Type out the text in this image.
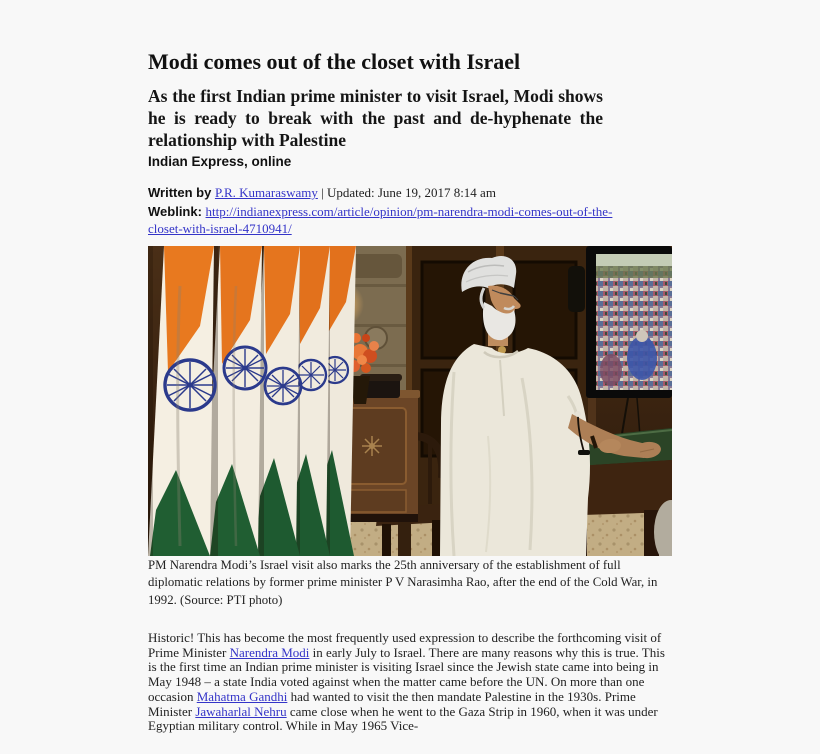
Modi comes out of the closet with Israel
As the first Indian prime minister to visit Israel, Modi shows he is ready to break with the past and de-hyphenate the relationship with Palestine
Indian Express, online
Written by P.R. Kumaraswamy | Updated: June 19, 2017 8:14 am
Weblink: http://indianexpress.com/article/opinion/pm-narendra-modi-comes-out-of-the-closet-with-israel-4710941/
PM Narendra Modi’s Israel visit also marks the 25th anniversary of the establishment of full diplomatic relations by former prime minister P V Narasimha Rao, after the end of the Cold War, in 1992. (Source: PTI photo)

Historic! This has become the most frequently used expression to describe the forthcoming visit of Prime Minister Narendra Modi in early July to Israel. There are many reasons why this is true. This is the first time an Indian prime minister is visiting Israel since the Jewish state came into being in May 1948 – a state India voted against when the matter came before the UN. On more than one occasion Mahatma Gandhi had wanted to visit the then mandate Palestine in the 1930s. Prime Minister Jawaharlal Nehru came close when he went to the Gaza Strip in 1960, when it was under Egyptian military control. While in May 1965 Vice-
